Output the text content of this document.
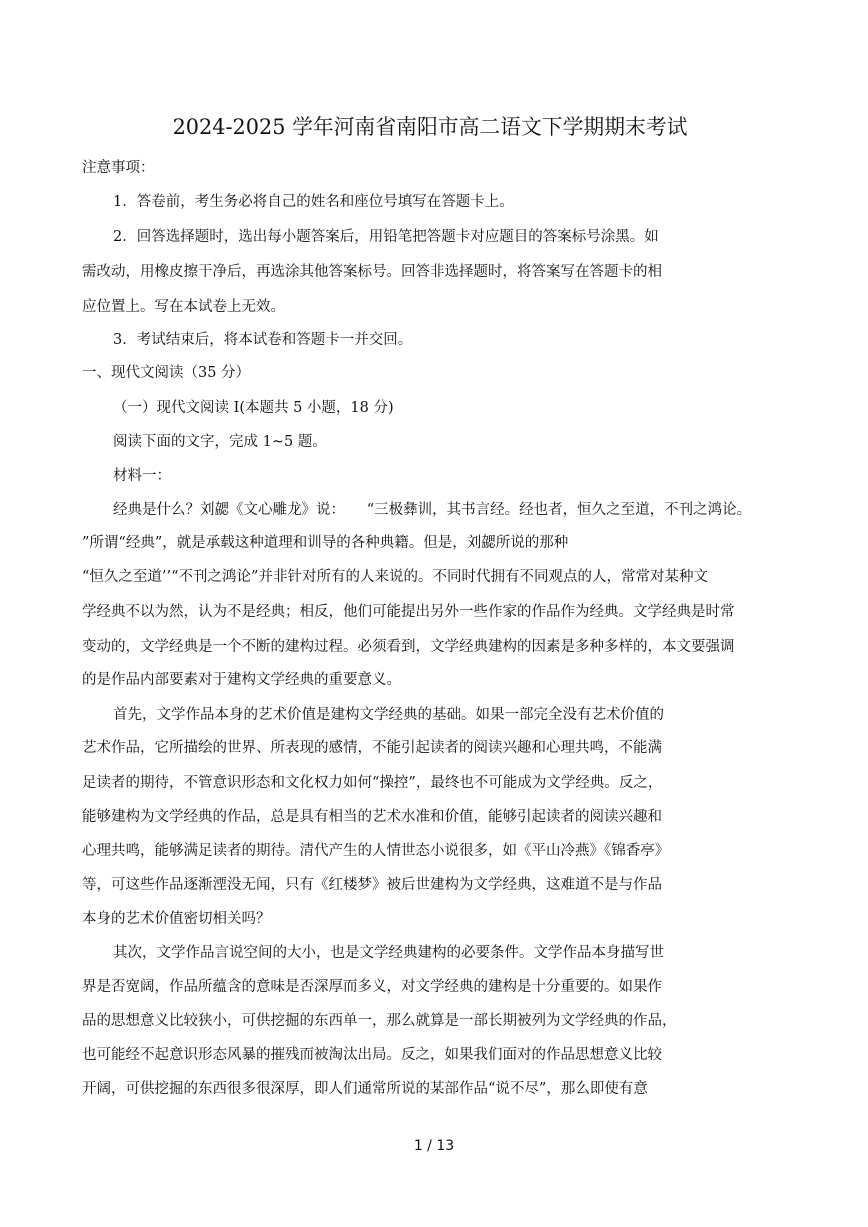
2024-2025 学年河南省南阳市高二语文下学期期末考试
注意事项：
1．答卷前，考生务必将自己的姓名和座位号填写在答题卡上。
2．回答选择题时，选出每小题答案后，用铅笔把答题卡对应题目的答案标号涂黑。如
需改动，用橡皮擦干净后，再选涂其他答案标号。回答非选择题时，将答案写在答题卡的相
应位置上。写在本试卷上无效。
3．考试结束后，将本试卷和答题卡一并交回。
一、现代文阅读（35 分）
（一）现代文阅读 I(本题共 5 小题，18 分)
阅读下面的文字，完成 1~5 题。
材料一：
经典是什么？刘勰《文心雕龙》说：　　“三极彝训，其书言经。经也者，恒久之至道，不刊之鸿论。
”所谓“经典”，就是承载这种道理和训导的各种典籍。但是，刘勰所说的那种
“恒久之至道’’“不刊之鸿论”并非针对所有的人来说的。不同时代拥有不同观点的人，常常对某种文
学经典不以为然，认为不是经典；相反，他们可能提出另外一些作家的作品作为经典。文学经典是时常
变动的，文学经典是一个不断的建构过程。必须看到，文学经典建构的因素是多种多样的，本文要强调
的是作品内部要素对于建构文学经典的重要意义。
首先，文学作品本身的艺术价值是建构文学经典的基础。如果一部完全没有艺术价值的
艺术作品，它所描绘的世界、所表现的感情，不能引起读者的阅读兴趣和心理共鸣，不能满
足读者的期待，不管意识形态和文化权力如何“操控”，最终也不可能成为文学经典。反之，
能够建构为文学经典的作品，总是具有相当的艺术水准和价值，能够引起读者的阅读兴趣和
心理共鸣，能够满足读者的期待。清代产生的人情世态小说很多，如《平山冷燕》《锦香亭》
等，可这些作品逐渐湮没无闻，只有《红楼梦》被后世建构为文学经典，这难道不是与作品
本身的艺术价值密切相关吗？
其次，文学作品言说空间的大小，也是文学经典建构的必要条件。文学作品本身描写世
界是否宽阔，作品所蕴含的意味是否深厚而多义，对文学经典的建构是十分重要的。如果作
品的思想意义比较狭小，可供挖掘的东西单一，那么就算是一部长期被列为文学经典的作品，
也可能经不起意识形态风暴的摧残而被淘汰出局。反之，如果我们面对的作品思想意义比较
开阔，可供挖掘的东西很多很深厚，即人们通常所说的某部作品“说不尽”，那么即使有意
1 / 13
